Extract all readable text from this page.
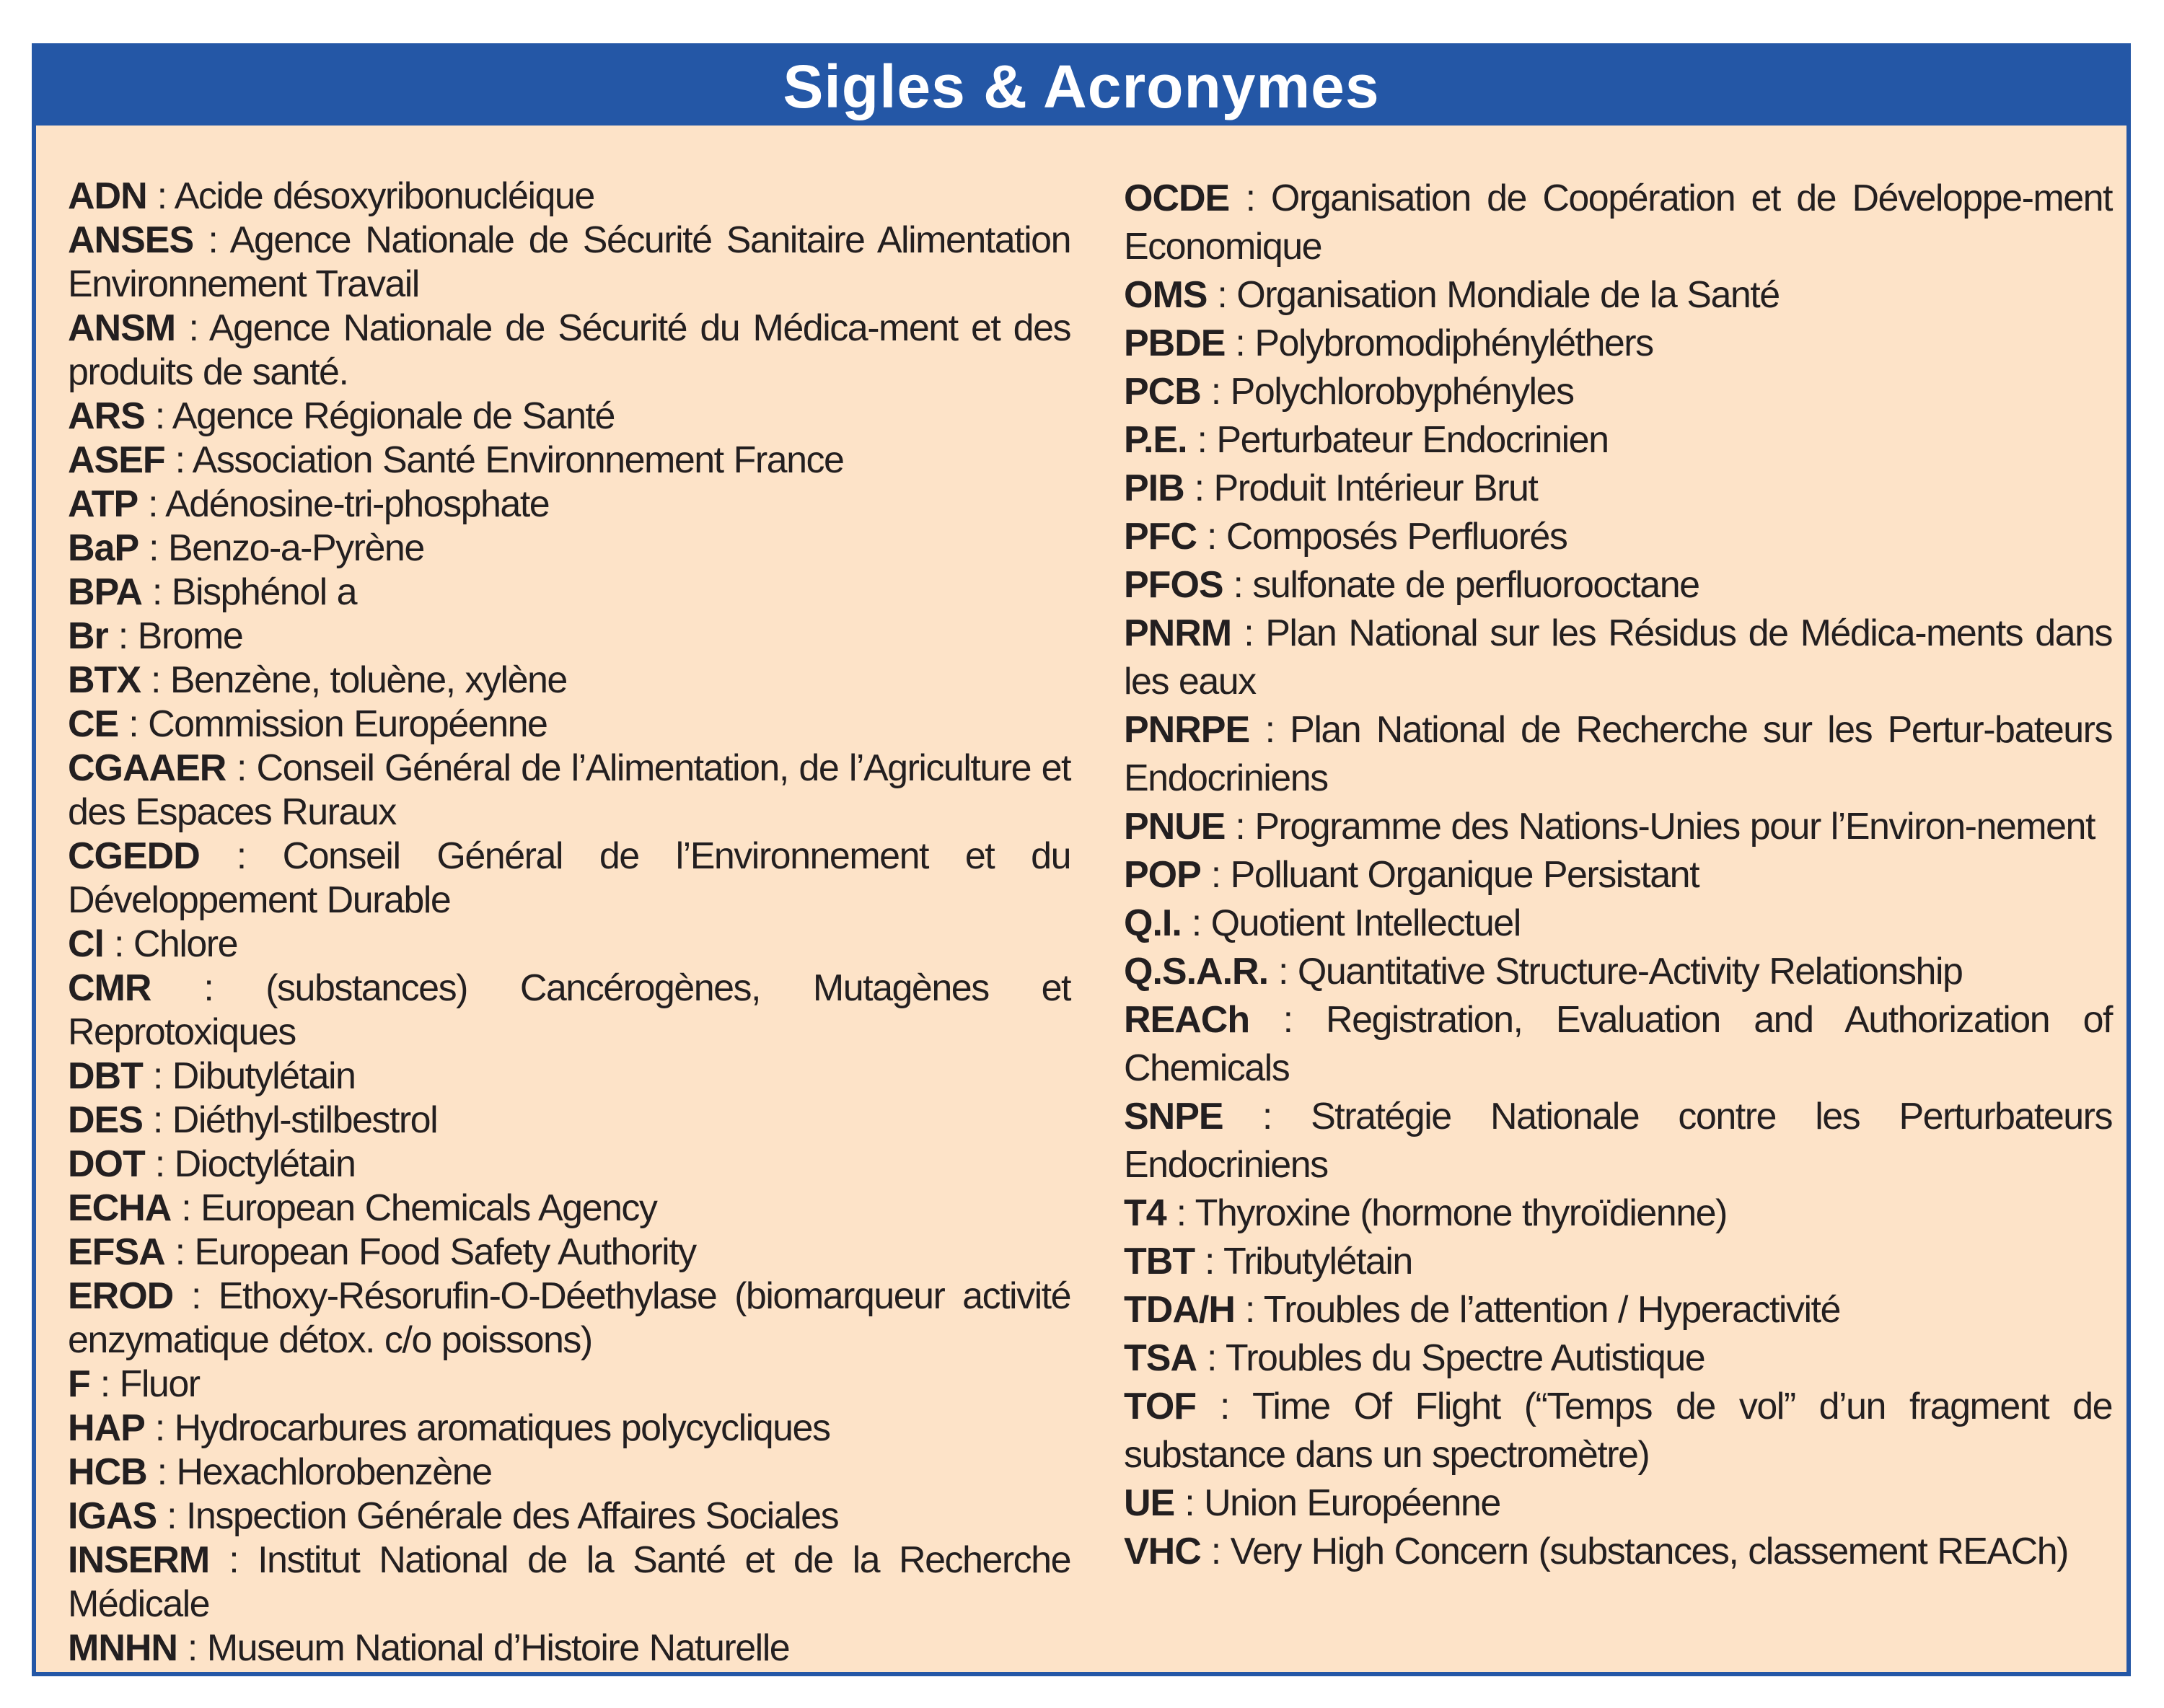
Sigles & Acronymes
ADN : Acide désoxyribonucléique
ANSES : Agence Nationale de Sécurité Sanitaire Alimentation Environnement Travail
ANSM : Agence Nationale de Sécurité du Médica-ment et des produits de santé.
ARS : Agence Régionale de Santé
ASEF : Association Santé Environnement France
ATP : Adénosine-tri-phosphate
BaP : Benzo-a-Pyrène
BPA : Bisphénol a
Br : Brome
BTX : Benzène, toluène, xylène
CE : Commission Européenne
CGAAER : Conseil Général de l’Alimentation, de l’Agriculture et des Espaces Ruraux
CGEDD : Conseil Général de l’Environnement et du Développement Durable
Cl : Chlore
CMR : (substances) Cancérogènes, Mutagènes et Reprotoxiques
DBT : Dibutylétain
DES : Diéthyl-stilbestrol
DOT : Dioctylétain
ECHA : European Chemicals Agency
EFSA : European Food Safety Authority
EROD : Ethoxy-Résorufin-O-Déethylase (biomarqueur activité enzymatique détox. c/o poissons)
F : Fluor
HAP : Hydrocarbures aromatiques polycycliques
HCB : Hexachlorobenzène
IGAS : Inspection Générale des Affaires Sociales
INSERM : Institut National de la Santé et de la Recherche Médicale
MNHN : Museum National d’Histoire Naturelle
OCDE : Organisation de Coopération et de Développe-ment Economique
OMS : Organisation Mondiale de la Santé
PBDE : Polybromodiphényléthers
PCB : Polychlorobyphényles
P.E. : Perturbateur Endocrinien
PIB : Produit Intérieur Brut
PFC : Composés Perfluorés
PFOS : sulfonate de perfluorooctane
PNRM : Plan National sur les Résidus de Médica-ments dans les eaux
PNRPE : Plan National de Recherche sur les Pertur-bateurs Endocriniens
PNUE : Programme des Nations-Unies pour l’Environ-nement
POP : Polluant Organique Persistant
Q.I. : Quotient Intellectuel
Q.S.A.R. : Quantitative Structure-Activity Relationship
REACh : Registration, Evaluation and Authorization of Chemicals
SNPE : Stratégie Nationale contre les Perturbateurs Endocriniens
T4 : Thyroxine (hormone thyroïdienne)
TBT : Tributylétain
TDA/H : Troubles de l’attention / Hyperactivité
TSA : Troubles du Spectre Autistique
TOF : Time Of Flight (“Temps de vol” d’un fragment de substance dans un spectromètre)
UE : Union Européenne
VHC : Very High Concern (substances, classement REACh)
